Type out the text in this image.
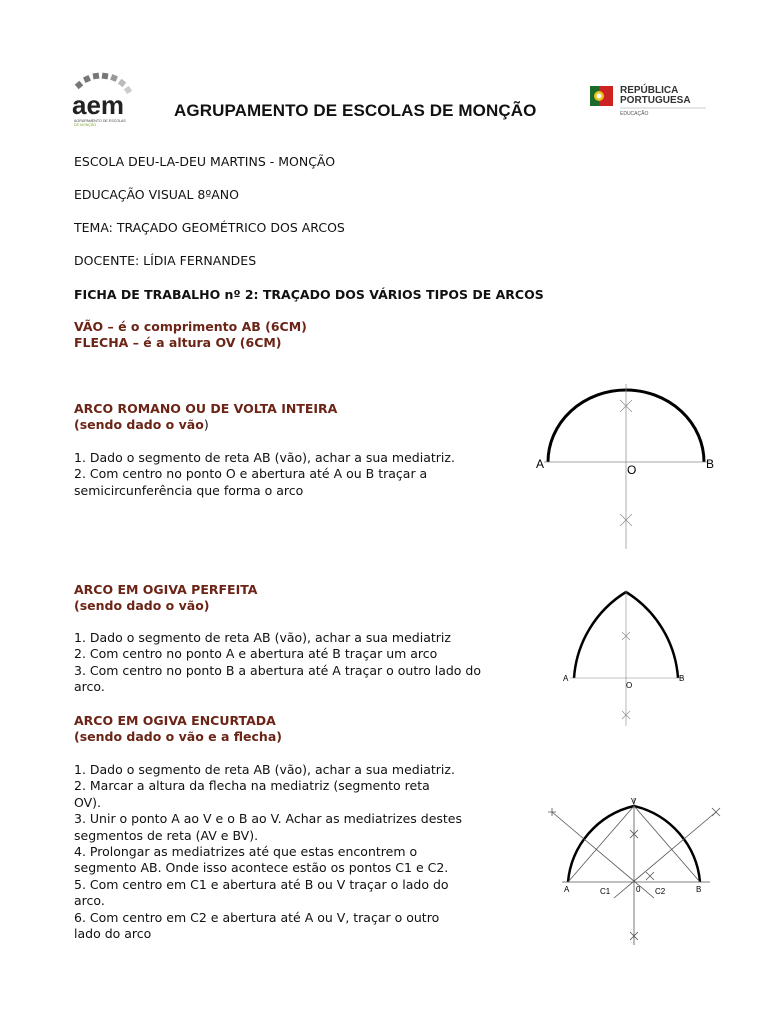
aem
AGRUPAMENTO DE ESCOLAS
DE MONÇÃO
AGRUPAMENTO DE ESCOLAS DE MONÇÃO
REPÚBLICA
PORTUGUESA
EDUCAÇÃO
ESCOLA DEU-LA-DEU MARTINS - MONÇÃO
EDUCAÇÃO VISUAL 8ºANO
TEMA: TRAÇADO GEOMÉTRICO DOS ARCOS
DOCENTE: LÍDIA FERNANDES
FICHA DE TRABALHO nº 2: TRAÇADO DOS VÁRIOS TIPOS DE ARCOS
VÃO – é o comprimento AB (6CM)
FLECHA – é a altura OV (6CM)
ARCO ROMANO OU DE VOLTA INTEIRA
(sendo dado o vão)
1. Dado o segmento de reta AB (vão), achar a sua mediatriz.
2. Com centro no ponto O e abertura até A ou B traçar a
semicircunferência que forma o arco
A	B
O
ARCO EM OGIVA PERFEITA
(sendo dado o vão)
1. Dado o segmento de reta AB (vão), achar a sua mediatriz
2. Com centro no ponto A e abertura até B traçar um arco
3. Com centro no ponto B a abertura até A traçar o outro lado do
arco.
A	B
O
ARCO EM OGIVA ENCURTADA
(sendo dado o vão e a flecha)
1. Dado o segmento de reta AB (vão), achar a sua mediatriz.
2. Marcar a altura da flecha na mediatriz (segmento reta
OV).
3. Unir o ponto A ao V e o B ao V. Achar as mediatrizes destes
segmentos de reta (AV e BV).
4. Prolongar as mediatrizes até que estas encontrem o
segmento AB. Onde isso acontece estão os pontos C1 e C2.
5. Com centro em C1 e abertura até B ou V traçar o lado do
arco.
6. Com centro em C2 e abertura até A ou V, traçar o outro
lado do arco
A	B
V
0
C1	C2
